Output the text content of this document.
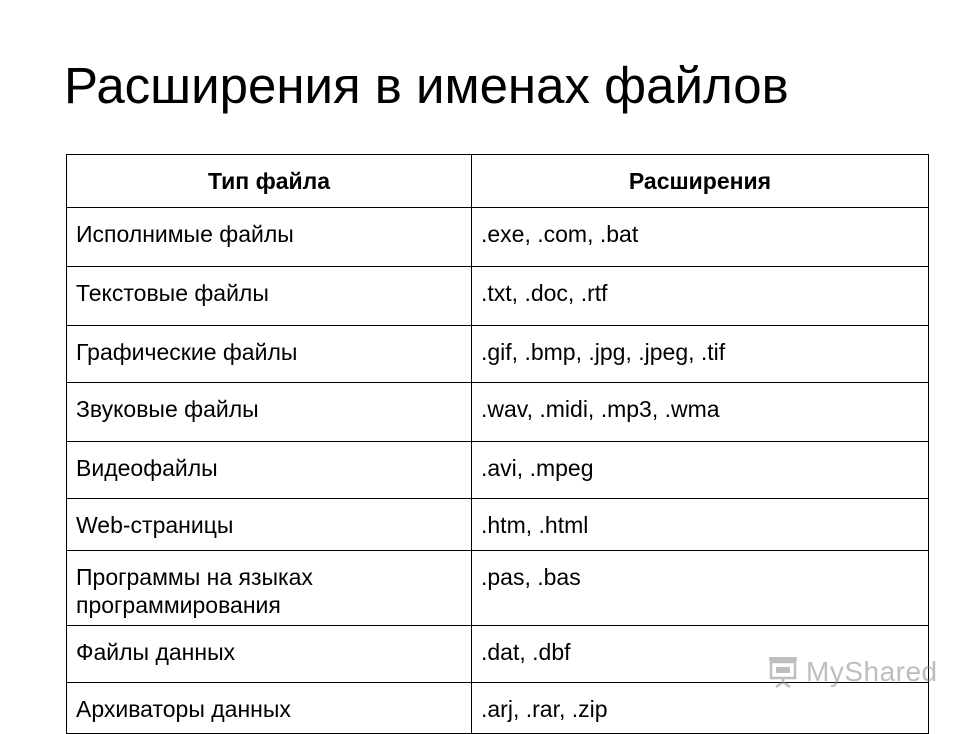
Расширения в именах файлов
Тип файла	Расширения
Исполнимые файлы	.exe, .com, .bat
Текстовые файлы	.txt, .doc, .rtf
Графические файлы	.gif, .bmp, .jpg, .jpeg, .tif
Звуковые файлы	.wav, .midi, .mp3, .wma
Видеофайлы	.avi, .mpeg
Web-страницы	.htm, .html
Программы на языках программирования	.pas, .bas
Файлы данных	.dat, .dbf
Архиваторы данных	.arj, .rar, .zip
MyShared
